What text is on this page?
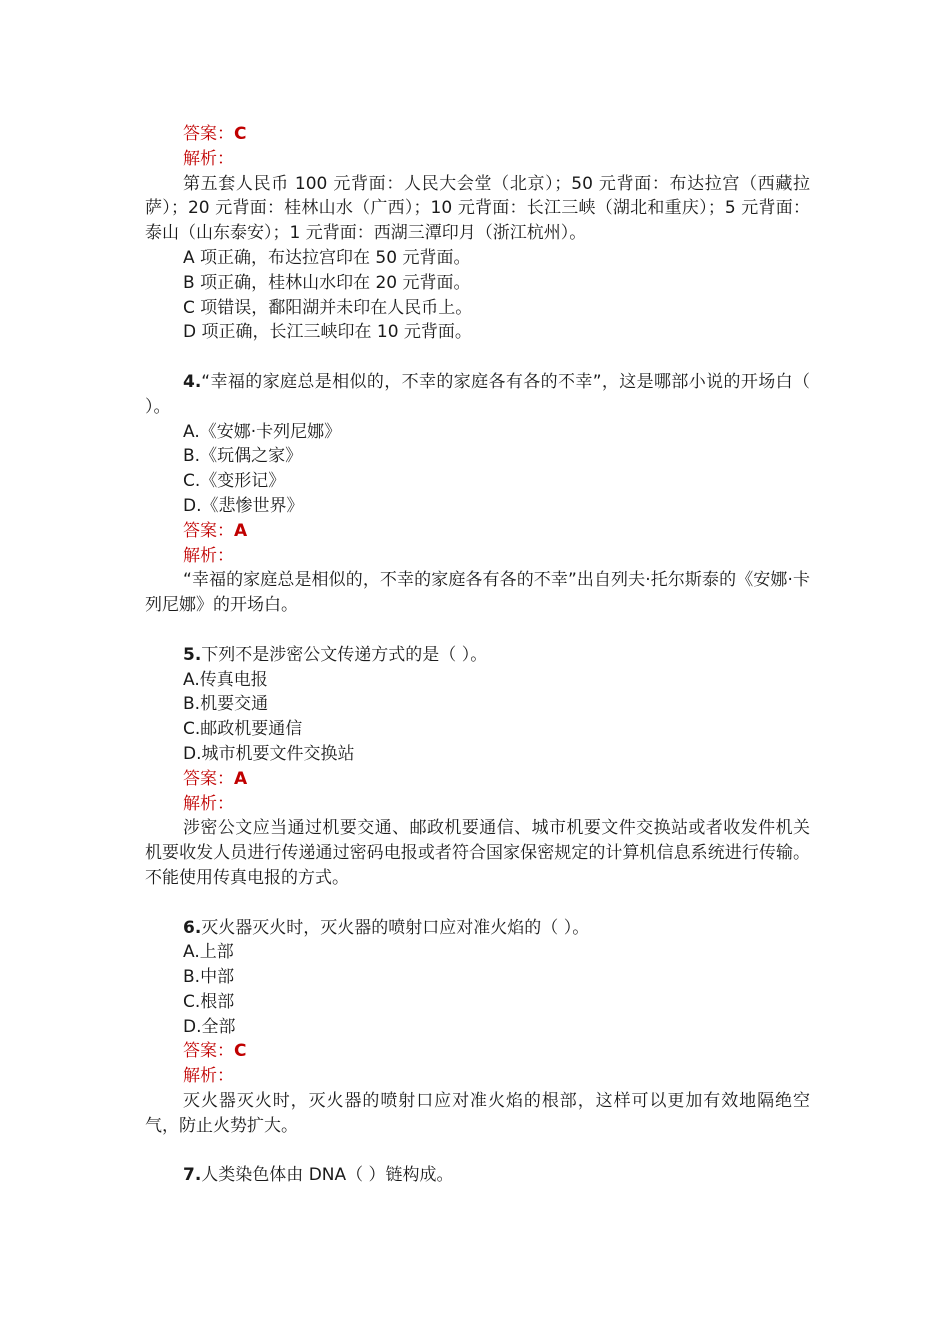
答案：C
解析：
第五套人民币 100 元背面：人民大会堂（北京）；50 元背面：布达拉宫（西藏拉萨）；20 元背面：桂林山水（广西）；10 元背面：长江三峡（湖北和重庆）；5 元背面：泰山（山东泰安）；1 元背面：西湖三潭印月（浙江杭州）。
A 项正确，布达拉宫印在 50 元背面。
B 项正确，桂林山水印在 20 元背面。
C 项错误，鄱阳湖并未印在人民币上。
D 项正确，长江三峡印在 10 元背面。
4.“幸福的家庭总是相似的，不幸的家庭各有各的不幸”，这是哪部小说的开场白（ ）。
A.《安娜·卡列尼娜》
B.《玩偶之家》
C.《变形记》
D.《悲惨世界》
答案：A
解析：
“幸福的家庭总是相似的，不幸的家庭各有各的不幸”出自列夫·托尔斯泰的《安娜·卡列尼娜》的开场白。
5.下列不是涉密公文传递方式的是（ ）。
A.传真电报
B.机要交通
C.邮政机要通信
D.城市机要文件交换站
答案：A
解析：
涉密公文应当通过机要交通、邮政机要通信、城市机要文件交换站或者收发件机关机要收发人员进行传递通过密码电报或者符合国家保密规定的计算机信息系统进行传输。不能使用传真电报的方式。
6.灭火器灭火时，灭火器的喷射口应对准火焰的（ ）。
A.上部
B.中部
C.根部
D.全部
答案：C
解析：
灭火器灭火时，灭火器的喷射口应对准火焰的根部，这样可以更加有效地隔绝空气，防止火势扩大。
7.人类染色体由 DNA（ ）链构成。
